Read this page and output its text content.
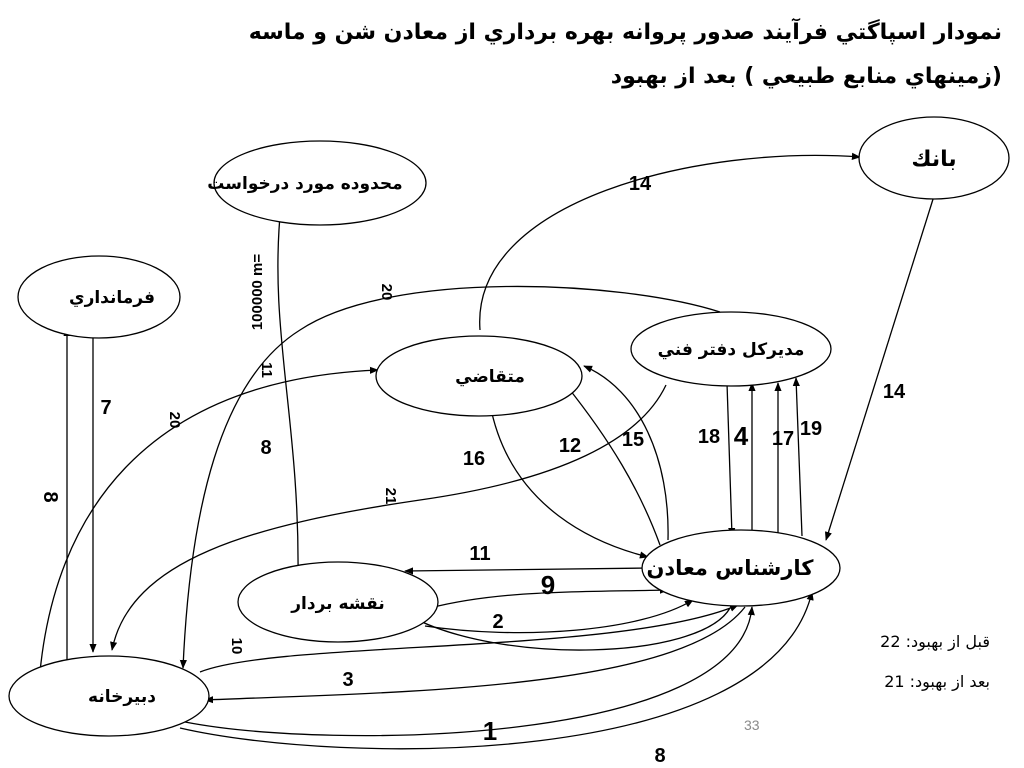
نمودار اسپاگتي فرآيند صدور پروانه بهره برداري از معادن شن و ماسه
(زمينهاي منابع طبيعي ) بعد از بهبود
بانك
محدوده مورد درخواست
فرمانداري
متقاضي
مديركل دفتر فني
كارشناس معادن
نقشه بردار
دبيرخانه
14
14
20
20
21
100000 m=
11
7
8
8	16
12 15	18 4 17 19
11
9
2
10
3
1
8
قبل از بهبود: 22
بعد از بهبود: 21
33
